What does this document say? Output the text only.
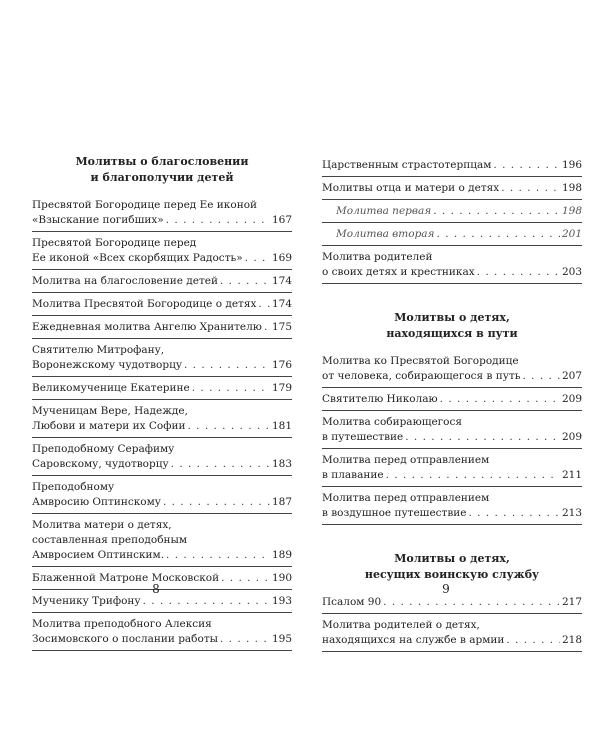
Молитвы о благословении
и благополучии детей
Пресвятой Богородице перед Ее иконой
«Взыскание погибших» . . .	167
Пресвятой Богородице перед
Ее иконой «Всех скорбящих Радость» . . .	169
Молитва на благословение детей . . .	174
Молитва Пресвятой Богородице о детях . . . 174
Ежедневная молитва Ангелю Хранителю . . . 175
Святителю Митрофану,
Воронежскому чудотворцу . . .	176
Великомученице Екатерине . . .	179
Мученицам Вере, Надежде,
Любови и матери их Софии . . .	181
Преподобному Серафиму
Саровскому, чудотворцу . . .	183
Преподобному
Амвросию Оптинскому . . .	187
Молитва матери о детях,
составленная преподобным
Амвросием Оптинским. . . .	189
Блаженной Матроне Московской . . .	190
Мученику Трифону . . .	193
Молитва преподобного Алексия
Зосимовского о послании работы . . .	195
Царственным страстотерпцам . . .	196
Молитвы отца и матери о детях . . .	198
Молитва первая . . .	198
Молитва вторая . . .	201
Молитва родителей
о своих детях и крестниках . . .	203
Молитвы о детях,
находящихся в пути
Молитва ко Пресвятой Богородице
от человека, собирающегося в путь . . .	207
Святителю Николаю . . .	209
Молитва собирающегося
в путешествие . . .	209
Молитва перед отправлением
в плавание . . .	211
Молитва перед отправлением
в воздушное путешествие . . .	213
Молитвы о детях,
несущих воинскую службу
Псалом 90 . . .	217
Молитва родителей о детях,
находящихся на службе в армии . . .	218
8	9
